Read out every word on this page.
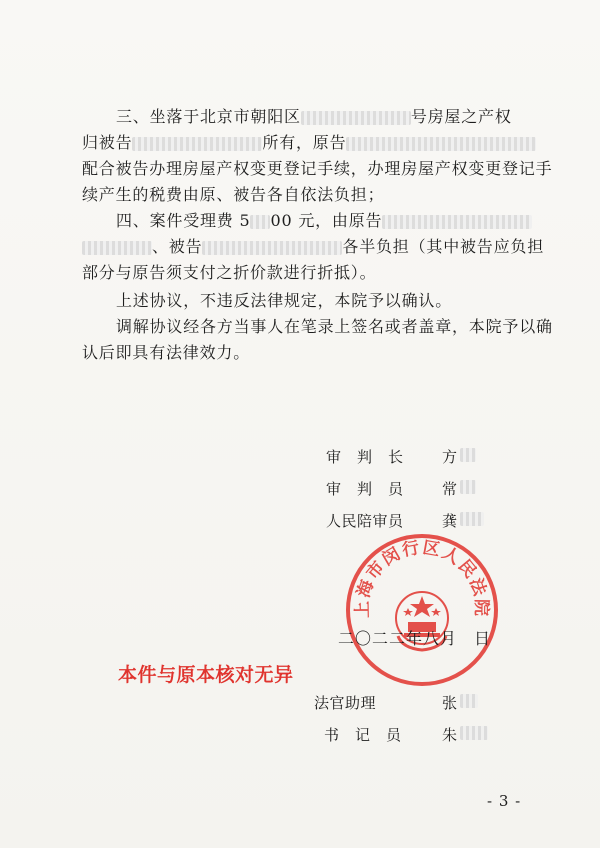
三、坐落于北京市朝阳区	号房屋之产权
归被告	所有，原告
配合被告办理房屋产权变更登记手续，办理房屋产权变更登记手
续产生的税费由原、被告各自依法负担；
四、案件受理费 5 00 元，由原告
、被告	各半负担（其中被告应负担
部分与原告须支付之折价款进行折抵）。
上述协议，不违反法律规定，本院予以确认。
调解协议经各方当事人在笔录上签名或者盖章，本院予以确
认后即具有法律效力。
审　判　长	方
审　判　员	常
人民陪审员	龚
上海市闵行区人民法院
二〇二二年八月　日
本件与原本核对无异
法官助理	张
书　记　员	朱
- 3 -
